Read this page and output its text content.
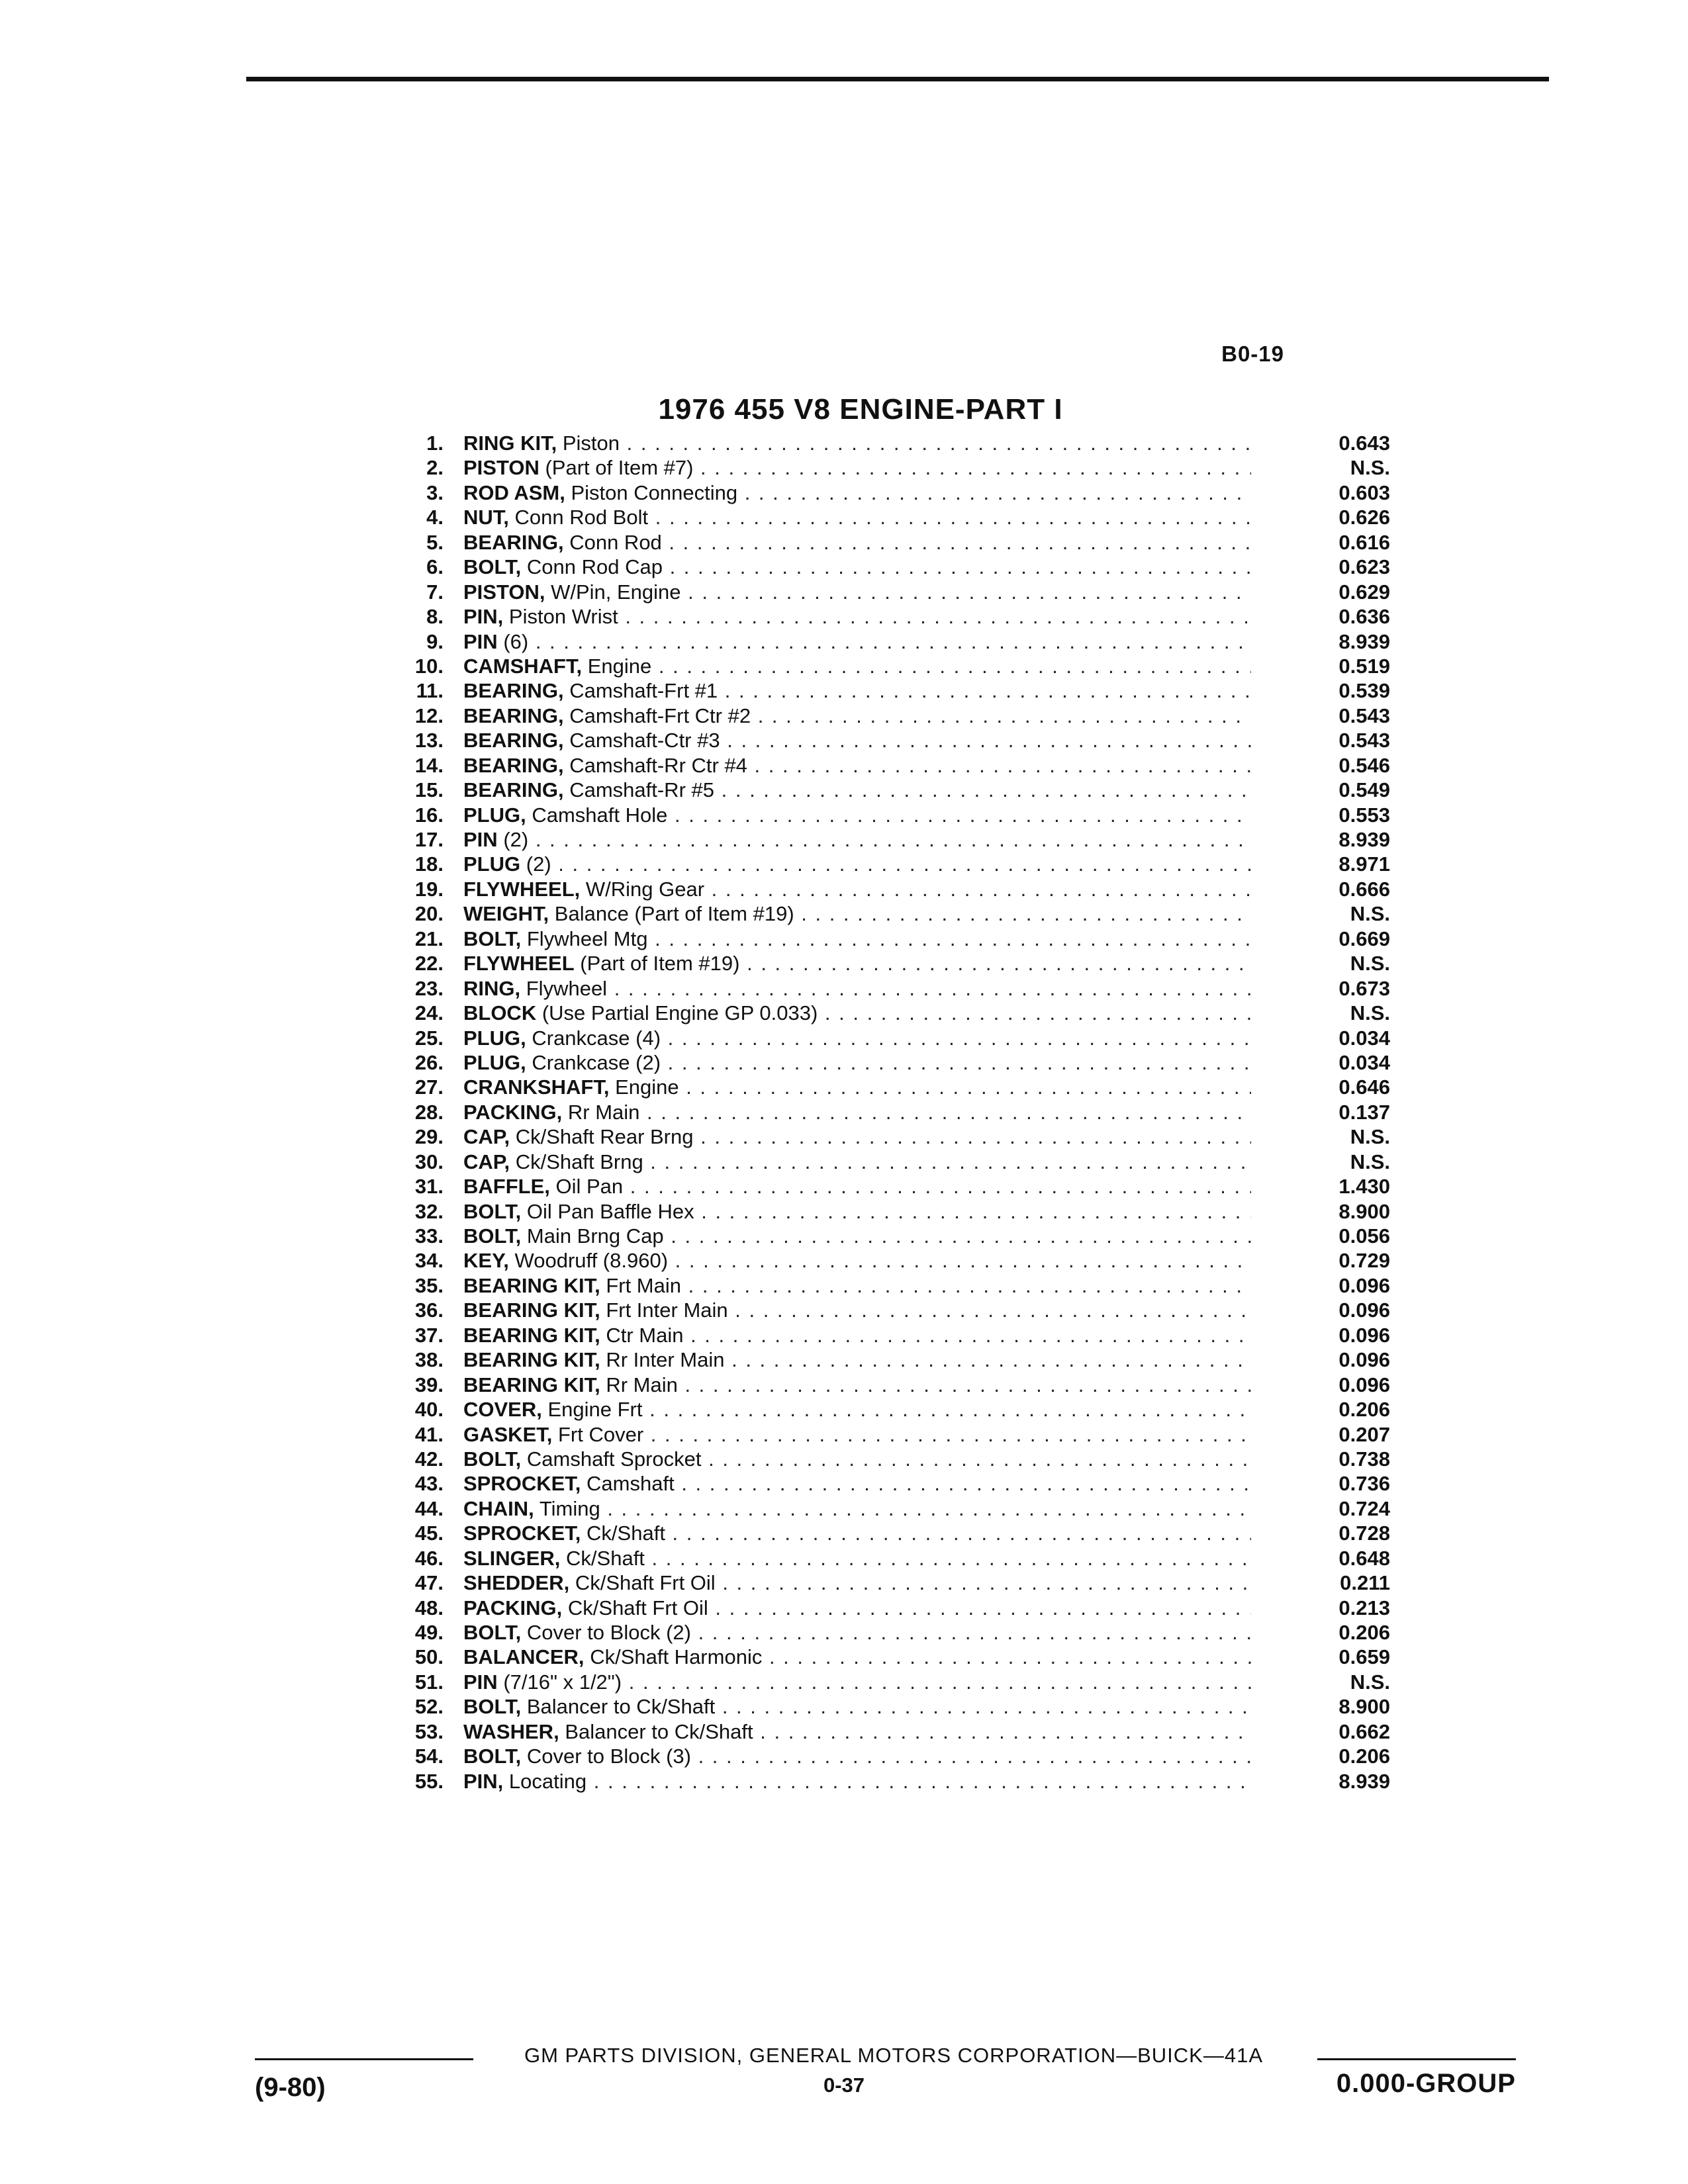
B0-19
1976 455 V8 ENGINE-PART I
1. RING KIT, Piston . . .	0.643
2. PISTON (Part of Item #7) . . .	N.S.
3. ROD ASM, Piston Connecting . . .	0.603
4. NUT, Conn Rod Bolt . . .	0.626
5. BEARING, Conn Rod . . .	0.616
6. BOLT, Conn Rod Cap . . .	0.623
7. PISTON, W/Pin, Engine . . .	0.629
8. PIN, Piston Wrist . . .	0.636
9. PIN (6) . . .	8.939
10. CAMSHAFT, Engine . . .	0.519
11. BEARING, Camshaft-Frt #1 . . .	0.539
12. BEARING, Camshaft-Frt Ctr #2 . . .	0.543
13. BEARING, Camshaft-Ctr #3 . . .	0.543
14. BEARING, Camshaft-Rr Ctr #4 . . .	0.546
15. BEARING, Camshaft-Rr #5 . . .	0.549
16. PLUG, Camshaft Hole . . .	0.553
17. PIN (2) . . .	8.939
18. PLUG (2) . . .	8.971
19. FLYWHEEL, W/Ring Gear . . .	0.666
20. WEIGHT, Balance (Part of Item #19) . . .	N.S.
21. BOLT, Flywheel Mtg . . .	0.669
22. FLYWHEEL (Part of Item #19) . . .	N.S.
23. RING, Flywheel . . .	0.673
24. BLOCK (Use Partial Engine GP 0.033) . . .	N.S.
25. PLUG, Crankcase (4) . . .	0.034
26. PLUG, Crankcase (2) . . .	0.034
27. CRANKSHAFT, Engine . . .	0.646
28. PACKING, Rr Main . . .	0.137
29. CAP, Ck/Shaft Rear Brng . . .	N.S.
30. CAP, Ck/Shaft Brng . . .	N.S.
31. BAFFLE, Oil Pan . . .	1.430
32. BOLT, Oil Pan Baffle Hex . . .	8.900
33. BOLT, Main Brng Cap . . .	0.056
34. KEY, Woodruff (8.960) . . .	0.729
35. BEARING KIT, Frt Main . . .	0.096
36. BEARING KIT, Frt Inter Main . . .	0.096
37. BEARING KIT, Ctr Main . . .	0.096
38. BEARING KIT, Rr Inter Main . . .	0.096
39. BEARING KIT, Rr Main . . .	0.096
40. COVER, Engine Frt . . .	0.206
41. GASKET, Frt Cover . . .	0.207
42. BOLT, Camshaft Sprocket . . .	0.738
43. SPROCKET, Camshaft . . .	0.736
44. CHAIN, Timing . . .	0.724
45. SPROCKET, Ck/Shaft . . .	0.728
46. SLINGER, Ck/Shaft . . .	0.648
47. SHEDDER, Ck/Shaft Frt Oil . . .	0.211
48. PACKING, Ck/Shaft Frt Oil . . .	0.213
49. BOLT, Cover to Block (2) . . .	0.206
50. BALANCER, Ck/Shaft Harmonic . . .	0.659
51. PIN (7/16" x 1/2") . . .	N.S.
52. BOLT, Balancer to Ck/Shaft . . .	8.900
53. WASHER, Balancer to Ck/Shaft . . .	0.662
54. BOLT, Cover to Block (3) . . .	0.206
55. PIN, Locating . . .	8.939
GM PARTS DIVISION, GENERAL MOTORS CORPORATION—BUICK—41A
0-37
(9-80)	0.000-GROUP
